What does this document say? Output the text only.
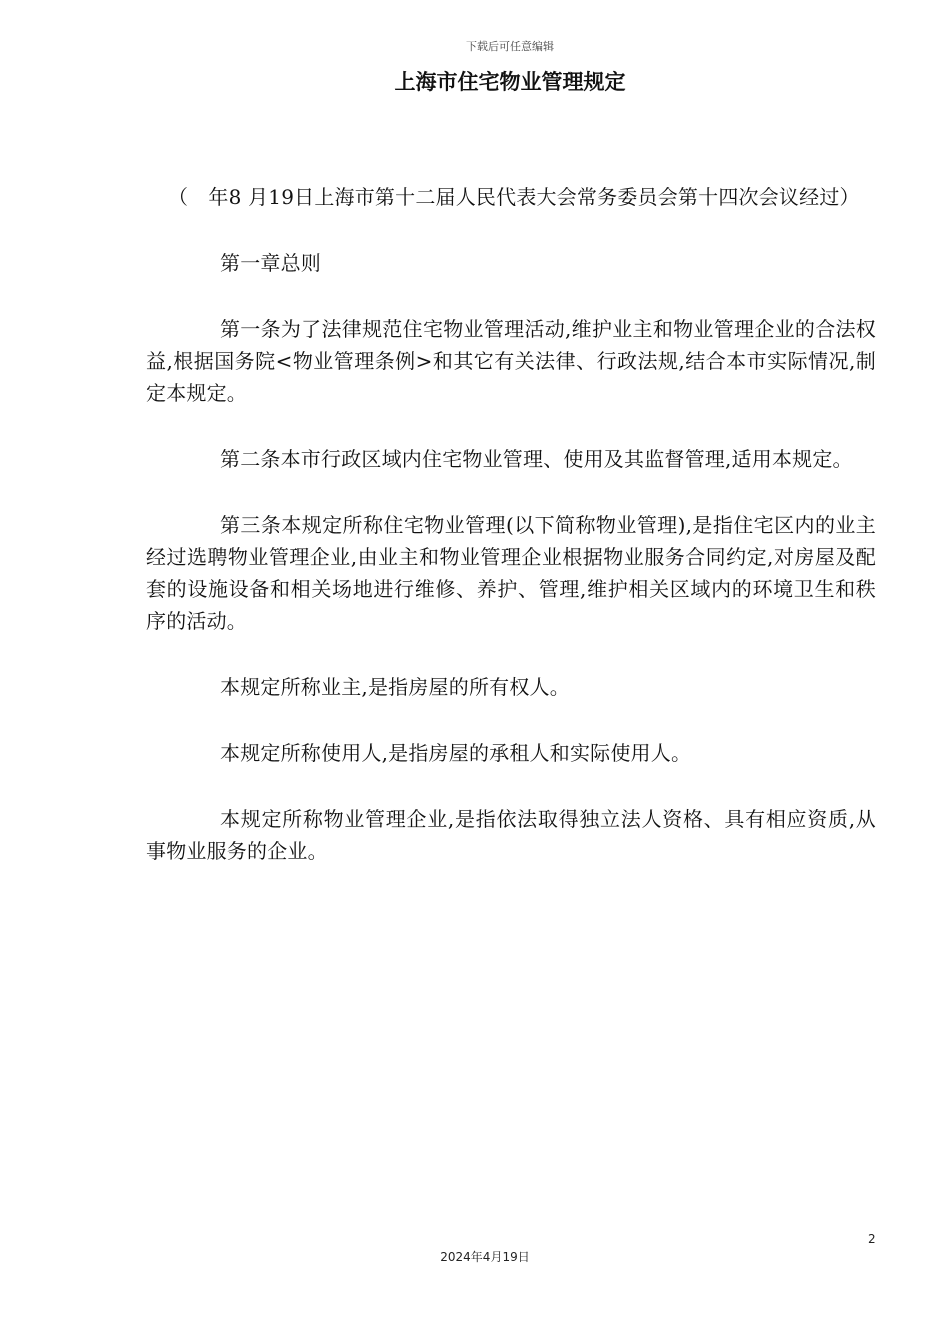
下载后可任意编辑
上海市住宅物业管理规定

（　年8 月19日上海市第十二届人民代表大会常务委员会第十四次会议经过）

第一章总则

第一条为了法律规范住宅物业管理活动,维护业主和物业管理企业的合法权益,根据国务院<物业管理条例>和其它有关法律、行政法规,结合本市实际情况,制定本规定。

第二条本市行政区域内住宅物业管理、使用及其监督管理,适用本规定。

第三条本规定所称住宅物业管理(以下简称物业管理),是指住宅区内的业主经过选聘物业管理企业,由业主和物业管理企业根据物业服务合同约定,对房屋及配套的设施设备和相关场地进行维修、养护、管理,维护相关区域内的环境卫生和秩序的活动。

本规定所称业主,是指房屋的所有权人。

本规定所称使用人,是指房屋的承租人和实际使用人。

本规定所称物业管理企业,是指依法取得独立法人资格、具有相应资质,从事物业服务的企业。

2
2024年4月19日
